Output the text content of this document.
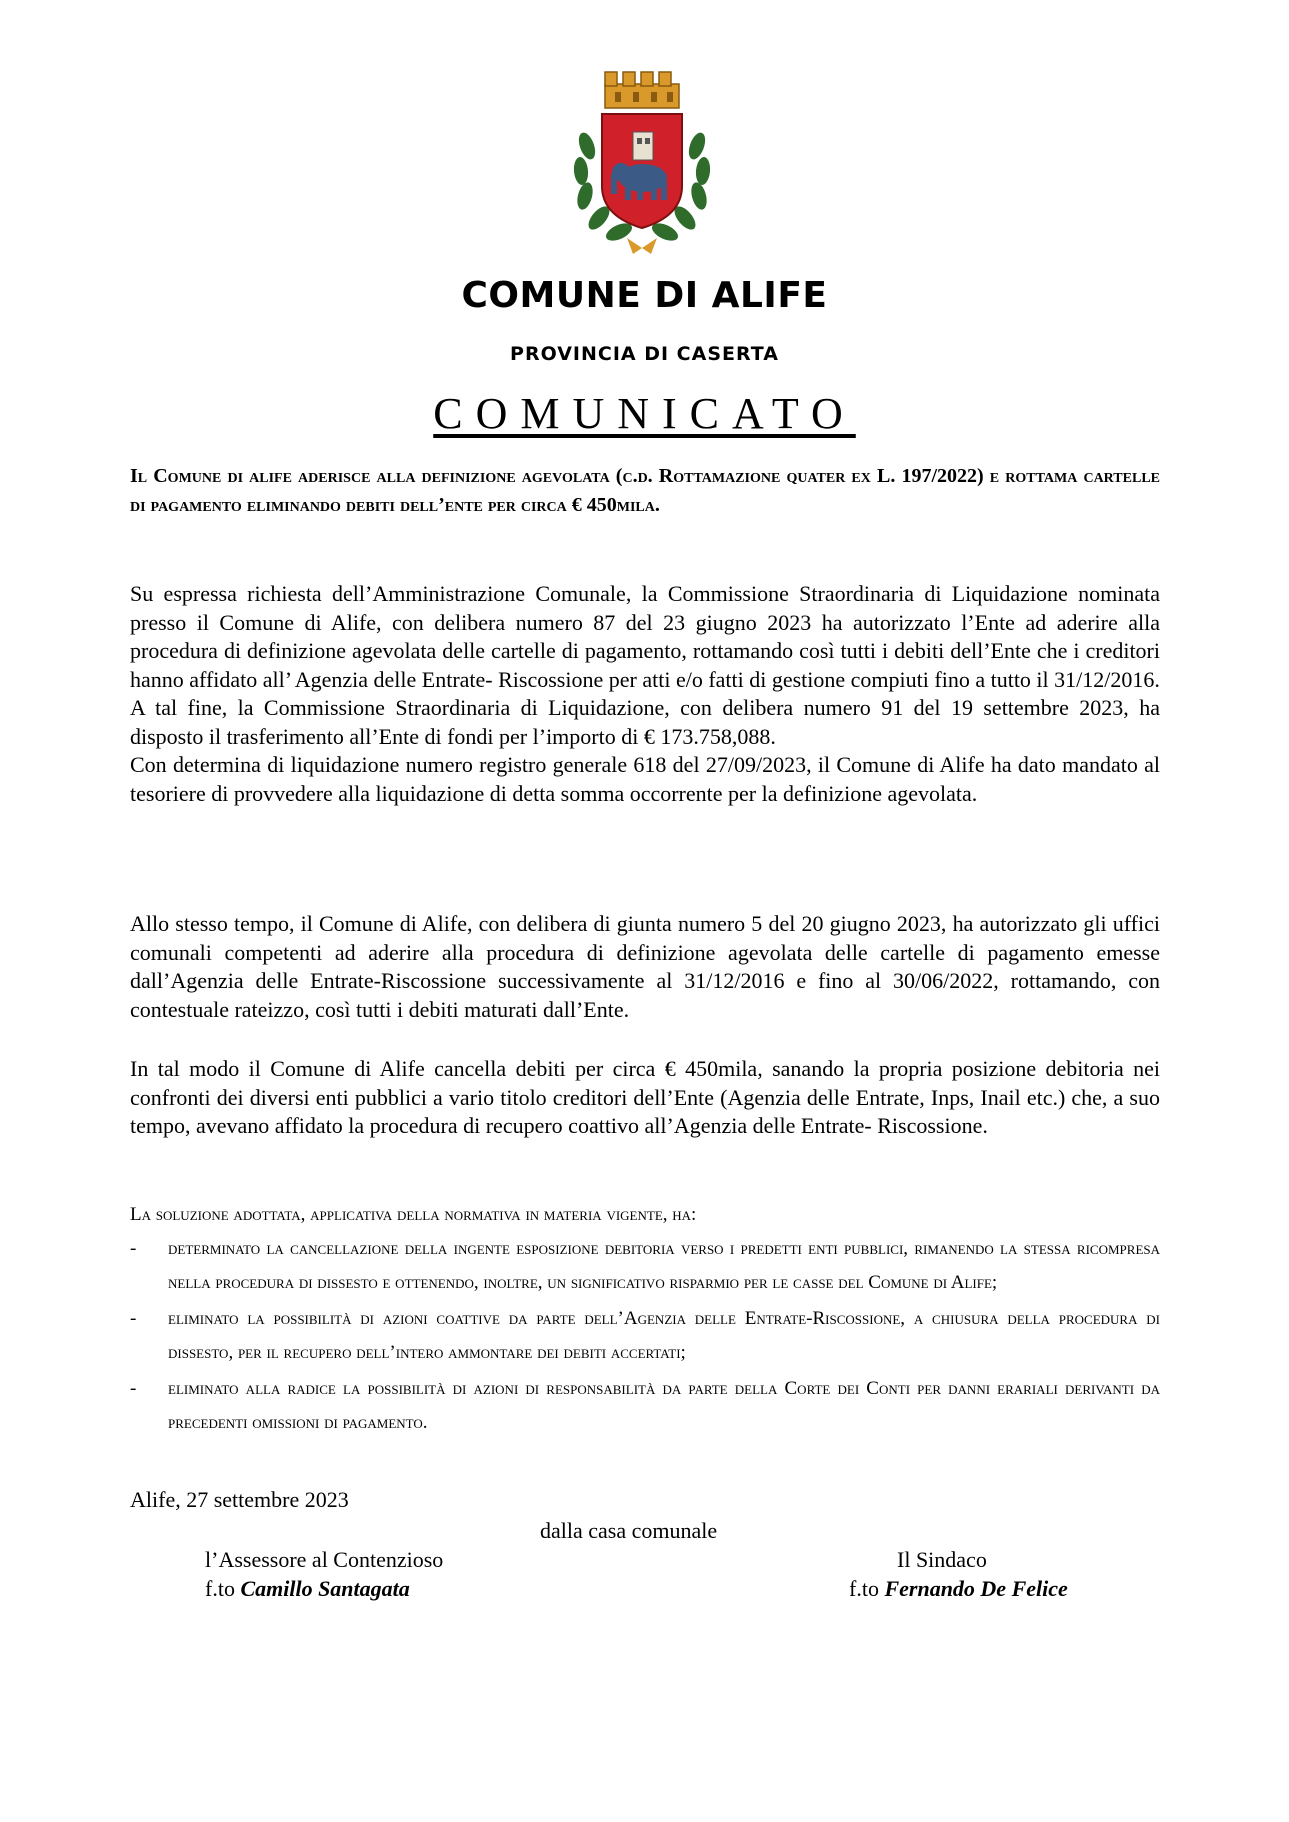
COMUNE DI ALIFE
PROVINCIA DI CASERTA
COMUNICATO
Il Comune di alife aderisce alla definizione agevolata (c.d. Rottamazione quater ex L. 197/2022) e rottama cartelle di pagamento eliminando debiti dell’ente per circa € 450mila.

Su espressa richiesta dell’Amministrazione Comunale, la Commissione Straordinaria di Liquidazione nominata presso il Comune di Alife, con delibera numero 87 del 23 giugno 2023 ha autorizzato l’Ente ad aderire alla procedura di definizione agevolata delle cartelle di pagamento, rottamando così tutti i debiti dell’Ente che i creditori hanno affidato all’ Agenzia delle Entrate- Riscossione per atti e/o fatti di gestione compiuti fino a tutto il 31/12/2016.

A tal fine, la Commissione Straordinaria di Liquidazione, con delibera numero 91 del 19 settembre 2023, ha disposto il trasferimento all’Ente di fondi per l’importo di € 173.758,088.

Con determina di liquidazione numero registro generale 618 del 27/09/2023, il Comune di Alife ha dato mandato al tesoriere di provvedere alla liquidazione di detta somma occorrente per la definizione agevolata.

Allo stesso tempo, il Comune di Alife, con delibera di giunta numero 5 del 20 giugno 2023, ha autorizzato gli uffici comunali competenti ad aderire alla procedura di definizione agevolata delle cartelle di pagamento emesse dall’Agenzia delle Entrate-Riscossione successivamente al 31/12/2016 e fino al 30/06/2022, rottamando, con contestuale rateizzo, così tutti i debiti maturati dall’Ente.

In tal modo il Comune di Alife cancella debiti per circa € 450mila, sanando la propria posizione debitoria nei confronti dei diversi enti pubblici a vario titolo creditori dell’Ente (Agenzia delle Entrate, Inps, Inail etc.) che, a suo tempo, avevano affidato la procedura di recupero coattivo all’Agenzia delle Entrate- Riscossione.

La soluzione adottata, applicativa della normativa in materia vigente, ha:
- determinato la cancellazione della ingente esposizione debitoria verso i predetti enti pubblici, rimanendo la stessa ricompresa nella procedura di dissesto e ottenendo, inoltre, un significativo risparmio per le casse del Comune di Alife;
- eliminato la possibilità di azioni coattive da parte dell’Agenzia delle Entrate-Riscossione, a chiusura della procedura di dissesto, per il recupero dell’intero ammontare dei debiti accertati;
- eliminato alla radice la possibilità di azioni di responsabilità da parte della Corte dei Conti per danni erariali derivanti da precedenti omissioni di pagamento.
Alife, 27 settembre 2023
dalla casa comunale
l’Assessore al Contenzioso
f.to Camillo Santagata
Il Sindaco
f.to Fernando De Felice
